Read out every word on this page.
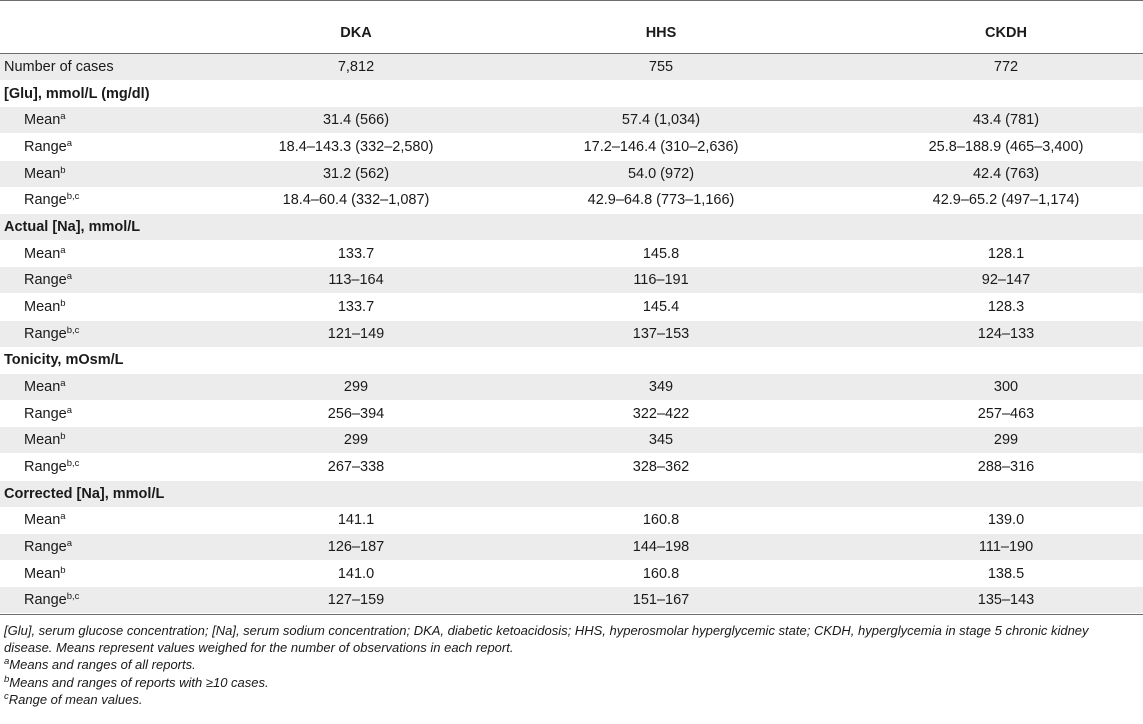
DKA	HHS	CKDH
Number of cases	7,812	755	772
[Glu], mmol/L (mg/dl)
Mean$^a$	31.4 (566)	57.4 (1,034)	43.4 (781)
Range$^a$	18.4–143.3 (332–2,580)	17.2–146.4 (310–2,636)	25.8–188.9 (465–3,400)
Mean$^b$	31.2 (562)	54.0 (972)	42.4 (763)
Range$^{b,c}$	18.4–60.4 (332–1,087)	42.9–64.8 (773–1,166)	42.9–65.2 (497–1,174)
Actual [Na], mmol/L
Mean$^a$	133.7	145.8	128.1
Range$^a$	113–164	116–191	92–147
Mean$^b$	133.7	145.4	128.3
Range$^{b,c}$	121–149	137–153	124–133
Tonicity, mOsm/L
Mean$^a$	299	349	300
Range$^a$	256–394	322–422	257–463
Mean$^b$	299	345	299
Range$^{b,c}$	267–338	328–362	288–316
Corrected [Na], mmol/L
Mean$^a$	141.1	160.8	139.0
Range$^a$	126–187	144–198	111–190
Mean$^b$	141.0	160.8	138.5
Range$^{b,c}$	127–159	151–167	135–143

[Glu], serum glucose concentration; [Na], serum sodium concentration; DKA, diabetic ketoacidosis; HHS, hyperosmolar hyperglycemic state; CKDH, hyperglycemia in stage 5 chronic kidney disease. Means represent values weighed for the number of observations in each report.

$^a$Means and ranges of all reports.

$^b$Means and ranges of reports with ≥10 cases.

$^c$Range of mean values.
